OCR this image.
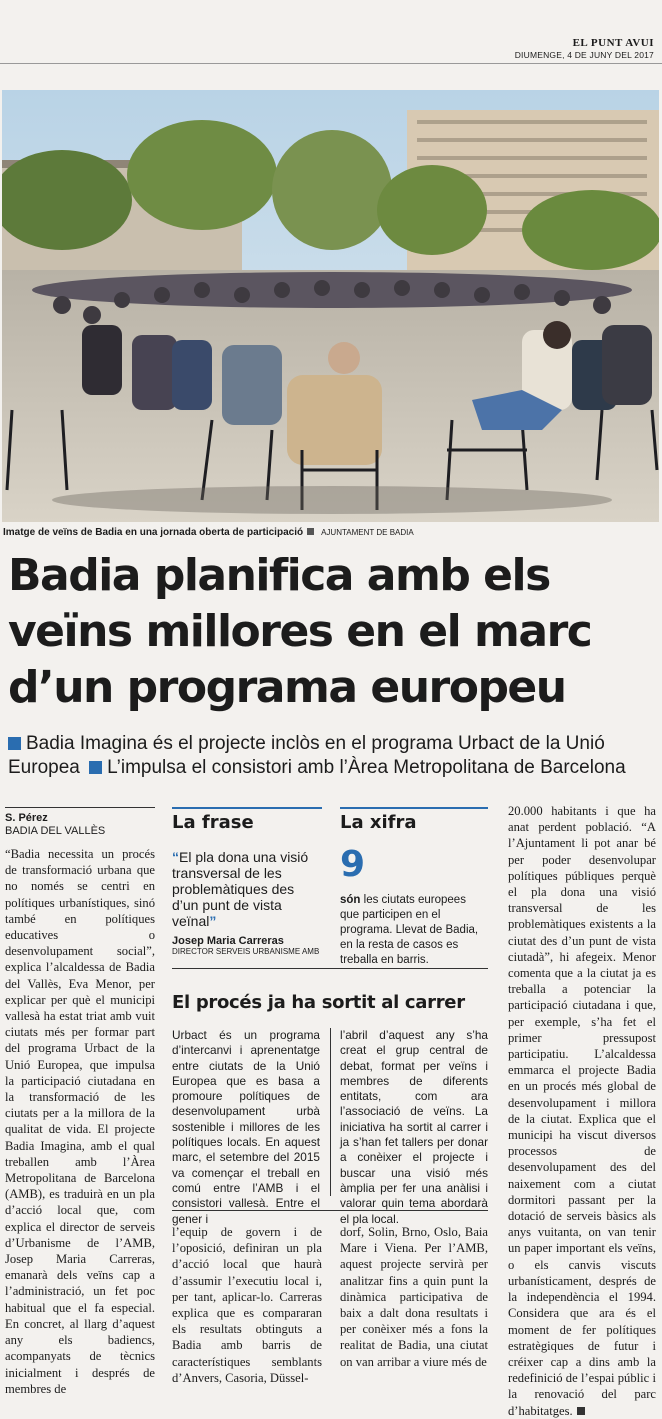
EL PUNT AVUI
DIUMENGE, 4 DE JUNY DEL 2017
Imatge de veïns de Badia en una jornada oberta de participació AJUNTAMENT DE BADIA
Badia planifica amb els
veïns millores en el marc
d’un programa europeu
Badia Imagina és el projecte inclòs en el programa Urbact de la Unió Europea L’impulsa el consistori amb l’Àrea Metropolitana de Barcelona
S. Pérez
BADIA DEL VALLÈS

“Badia necessita un procés de transformació urbana que no només se centri en polítiques urbanístiques, sinó també en polítiques educatives o desenvolupament social”, explica l’alcaldessa de Badia del Vallès, Eva Menor, per explicar per què el municipi vallesà ha estat triat amb vuit ciutats més per formar part del programa Urbact de la Unió Europea, que impulsa la participació ciutadana en la transformació de les ciutats per a la millora de la qualitat de vida. El projecte Badia Imagina, amb el qual treballen amb l’Àrea Metropolitana de Barcelona (AMB), es traduirà en un pla d’acció local que, com explica el director de serveis d’Urbanisme de l’AMB, Josep Maria Carreras, emanarà dels veïns cap a l’administració, un fet poc habitual que el fa especial. En concret, al llarg d’aquest any els badiencs, acompanyats de tècnics inicialment i després de membres de

La frase
“El pla dona una visió transversal de les problemàtiques des d’un punt de vista veïnal”
Josep Maria Carreras
DIRECTOR SERVEIS URBANISME AMB
La xifra
9
són les ciutats europees que participen en el programa. Llevat de Badia, en la resta de casos es treballa en barris.
El procés ja ha sortit al carrer
Urbact és un programa d’intercanvi i aprenentatge entre ciutats de la Unió Europea que es basa a promoure polítiques de desenvolupament urbà sostenible i millores de les polítiques locals. En aquest marc, el setembre del 2015 va començar el treball en comú entre l’AMB i el consistori vallesà. Entre el gener i
l’abril d’aquest any s’ha creat el grup central de debat, format per veïns i membres de diferents entitats, com ara l’associació de veïns. La iniciativa ha sortit al carrer i ja s’han fet tallers per donar a conèixer el projecte i buscar una visió més àmplia per fer una anàlisi i valorar quin tema abordarà el pla local.

l’equip de govern i de l’oposició, definiran un pla d’acció local que haurà d’assumir l’executiu local i, per tant, aplicar-lo. Carreras explica que es compararan els resultats obtinguts a Badia amb barris de característiques semblants d’Anvers, Casoria, Düssel-

dorf, Solin, Brno, Oslo, Baia Mare i Viena. Per l’AMB, aquest projecte servirà per analitzar fins a quin punt la dinàmica participativa de baix a dalt dona resultats i per conèixer més a fons la realitat de Badia, una ciutat on van arribar a viure més de

20.000 habitants i que ha anat perdent població. “A l’Ajuntament li pot anar bé per poder desenvolupar polítiques públiques perquè el pla dona una visió transversal de les problemàtiques existents a la ciutat des d’un punt de vista ciutadà”, hi afegeix. Menor comenta que a la ciutat ja es treballa a potenciar la participació ciutadana i que, per exemple, s’ha fet el primer pressupost participatiu. L’alcaldessa emmarca el projecte Badia en un procés més global de desenvolupament i millora de la ciutat. Explica que el municipi ha viscut diversos processos de desenvolupament des del naixement com a ciutat dormitori passant per la dotació de serveis bàsics als anys vuitanta, on van tenir un paper important els veïns, o els canvis viscuts urbanísticament, després de la independència el 1994. Considera que ara és el moment de fer polítiques estratègiques de futur i créixer cap a dins amb la redefinició de l’espai públic i la renovació del parc d’habitatges.
